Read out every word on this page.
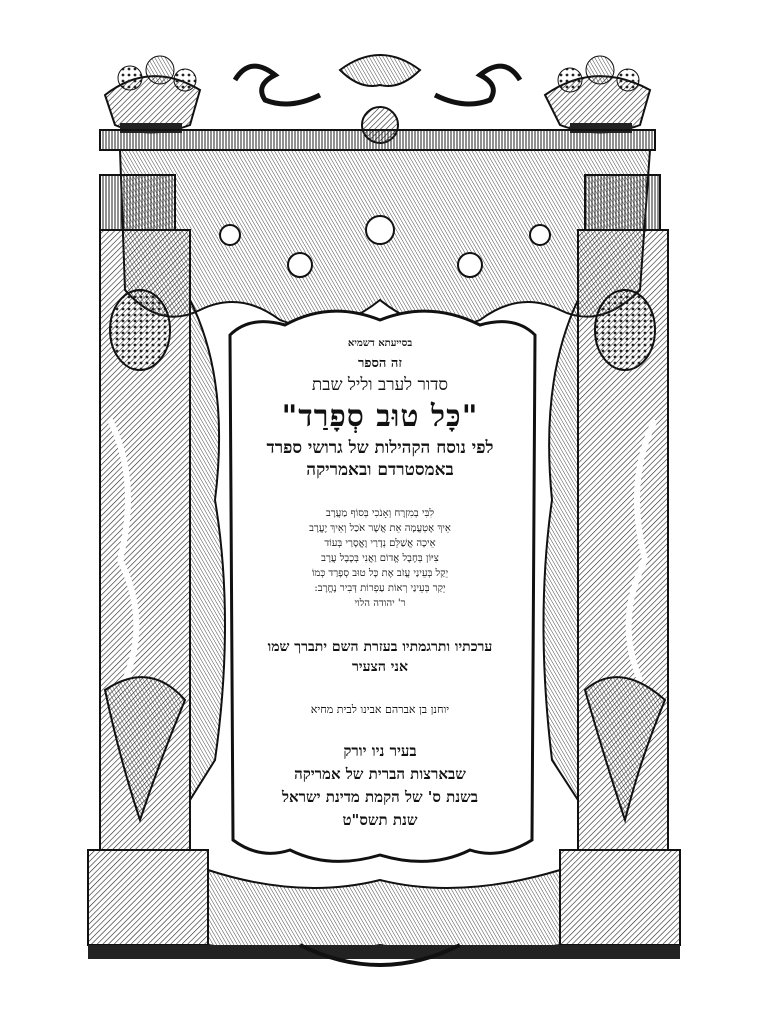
בסייעתא דשמיא
זה הספר
סדור לערב וליל שבת
"כָּל טוּב סְפָרַד"
לפי נוסח הקהילות של גרושי ספרד
באמסטרדם ובאמריקה
לִבִּי בְמִזְרָח וְאָנֹכִי בְּסוֹף מַעֲרָב
אֵיךְ אֶטְעֲמָה אֵת אֲשֶׁר אֹכַל וְאֵיךְ יֶעֱרָב
אֵיכָה אֲשַׁלֵּם נְדָרַי וֶאֱסָרַי בְּעוֹד
צִיּוֹן בְּחֶבֶל אֱדוֹם וַאֲנִי בְּכֶבֶל עֲרָב
יֵקַל בְּעֵינַי עֲזֹב אֶת כָּל טוּב סְפָרַד כְּמוֹ
יֵקַר בְּעֵינַי רְאוֹת עַפְרוֹת דְּבִיר נֶחֱרָב:
ר' יהודה הלוי
ערכתיו ותרגמתיו בעזרת השם יתברך שמו
אני הצעיר
יוחנן בן אברהם אבינו לבית מחיא
בעיר ניו יורק
שבארצות הברית של אמריקה
בשנת ס' של הקמת מדינת ישראל
שנת תשס"ט
